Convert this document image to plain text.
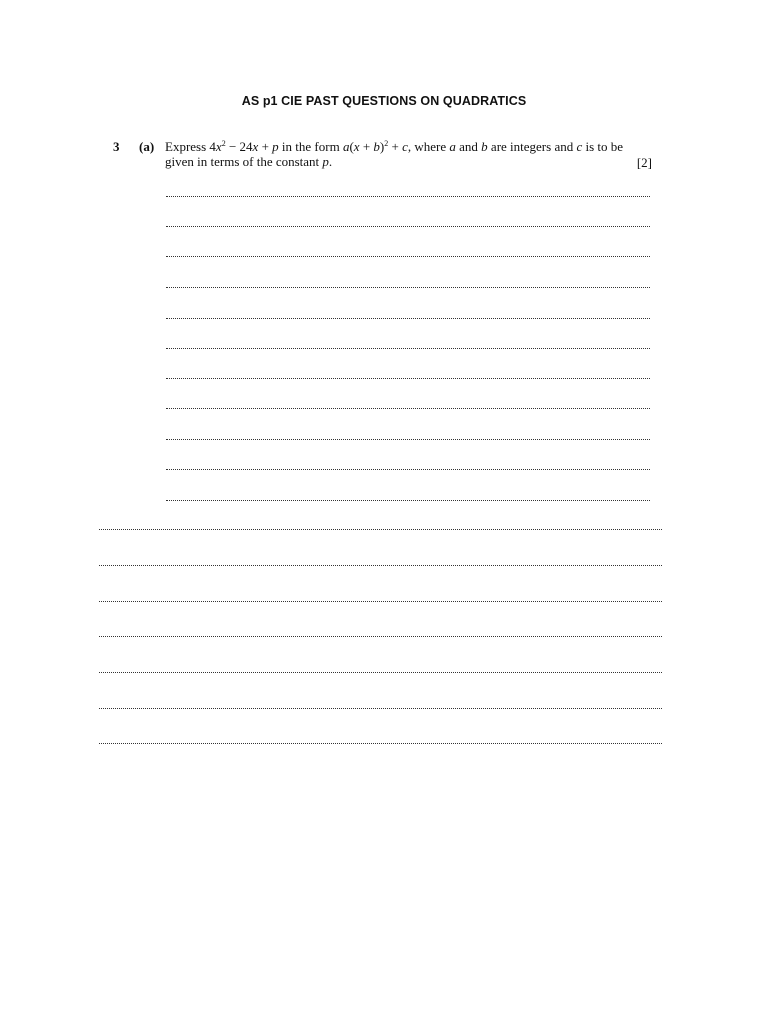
AS p1 CIE PAST QUESTIONS ON QUADRATICS
3 (a) Express $4x^2 - 24x + p$ in the form $a(x + b)^2 + c$, where a and b are integers and c is to be given in terms of the constant p.	[2]
